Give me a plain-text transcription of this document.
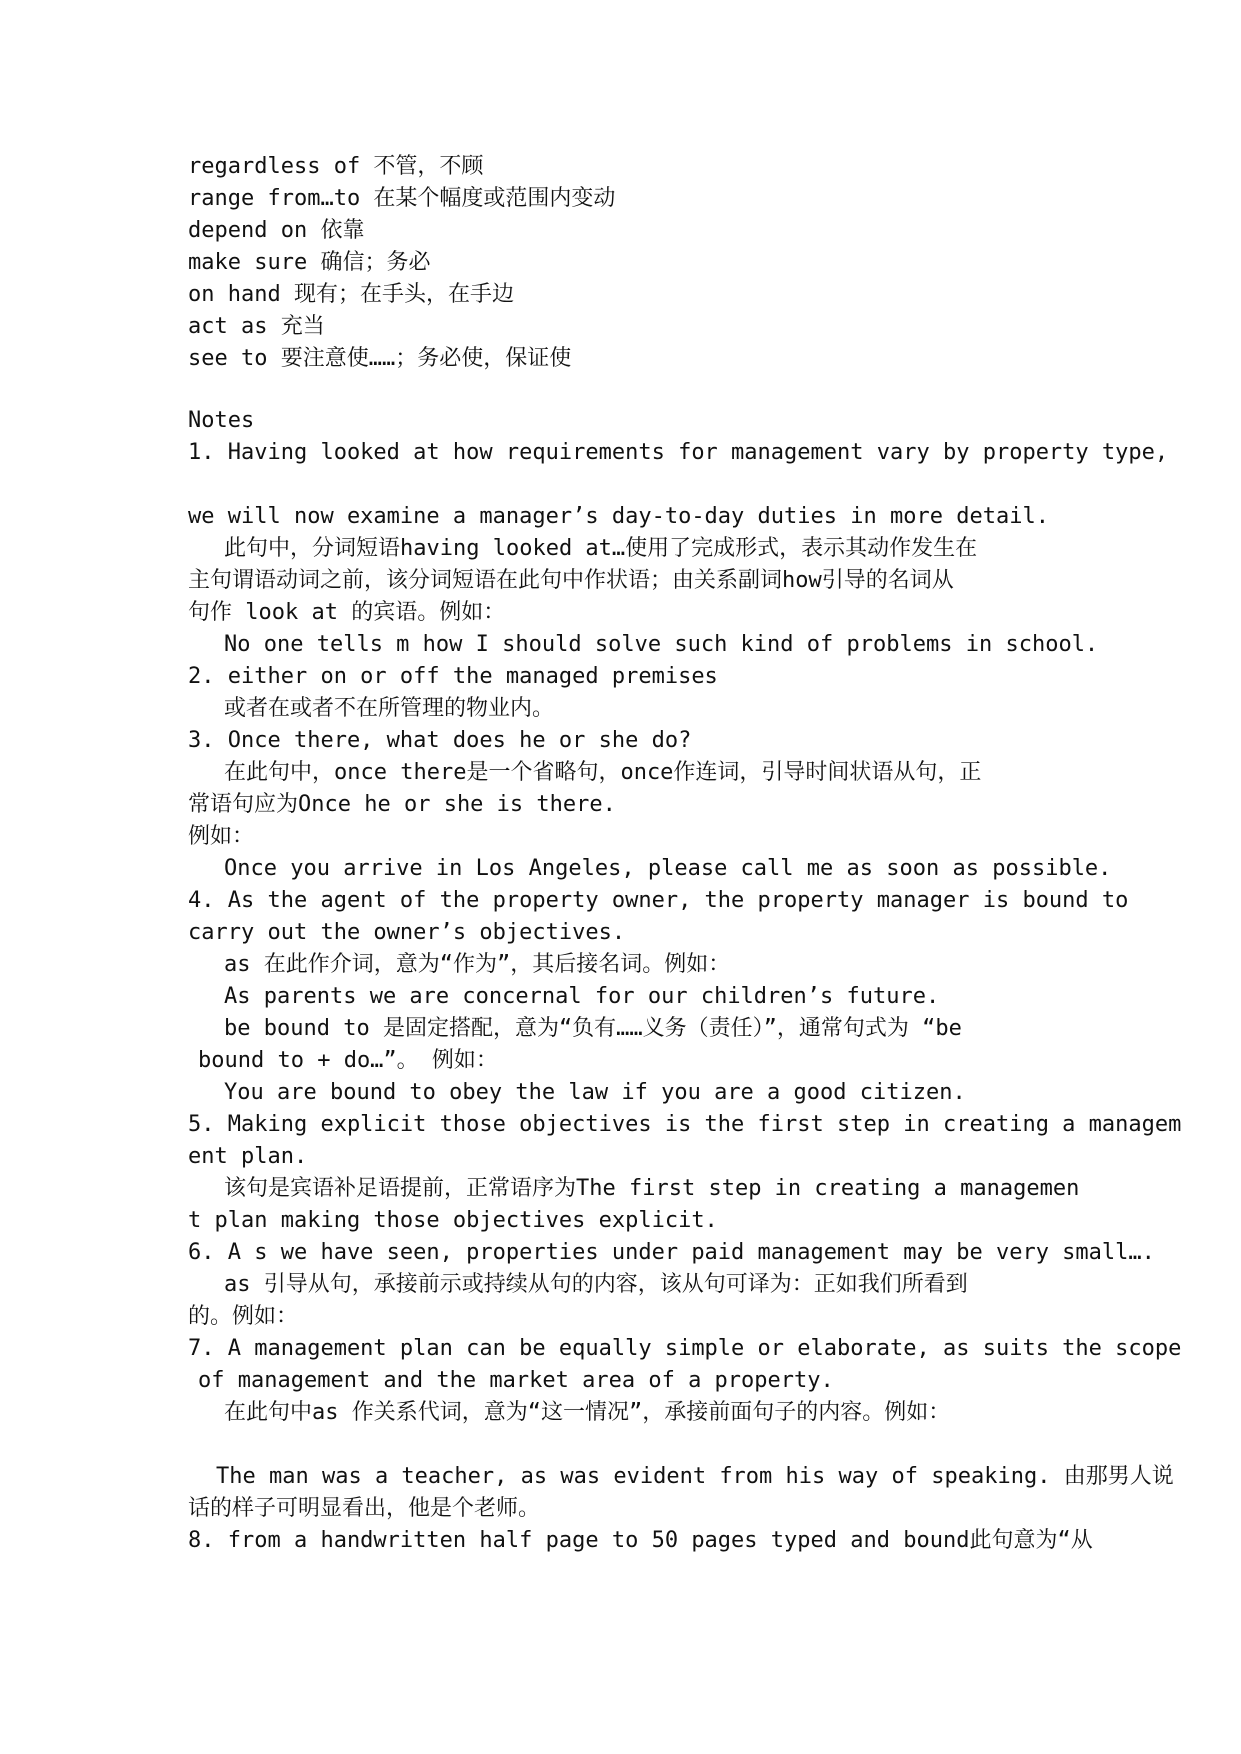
regardless of 不管，不顾
range from…to 在某个幅度或范围内变动
depend on 依靠
make sure 确信；务必
on hand 现有；在手头，在手边
act as 充当
see to 要注意使……；务必使，保证使
Notes
1. Having looked at how requirements for management vary by property type,
we will now examine a manager’s day-to-day duties in more detail.
此句中，分词短语having looked at…使用了完成形式，表示其动作发生在
主句谓语动词之前，该分词短语在此句中作状语；由关系副词how引导的名词从
句作 look at 的宾语。例如：
No one tells m how I should solve such kind of problems in school.
2. either on or off the managed premises
或者在或者不在所管理的物业内。
3. Once there, what does he or she do?
在此句中，once there是一个省略句，once作连词，引导时间状语从句，正
常语句应为Once he or she is there.
例如：
Once you arrive in Los Angeles, please call me as soon as possible.
4. As the agent of the property owner, the property manager is bound to
carry out the owner’s objectives.
as 在此作介词，意为“作为”，其后接名词。例如：
As parents we are concernal for our children’s future.
be bound to 是固定搭配，意为“负有……义务（责任）”，通常句式为 “be
bound to + do…”。 例如：
You are bound to obey the law if you are a good citizen.
5. Making explicit those objectives is the first step in creating a managem
ent plan.
该句是宾语补足语提前，正常语序为The first step in creating a managemen
t plan making those objectives explicit.
6. A s we have seen, properties under paid management may be very small….
as 引导从句，承接前示或持续从句的内容，该从句可译为：正如我们所看到
的。例如：
7. A management plan can be equally simple or elaborate, as suits the scope
of management and the market area of a property.
在此句中as 作关系代词，意为“这一情况”，承接前面句子的内容。例如：
The man was a teacher, as was evident from his way of speaking. 由那男人说
话的样子可明显看出，他是个老师。
8. from a handwritten half page to 50 pages typed and bound此句意为“从
